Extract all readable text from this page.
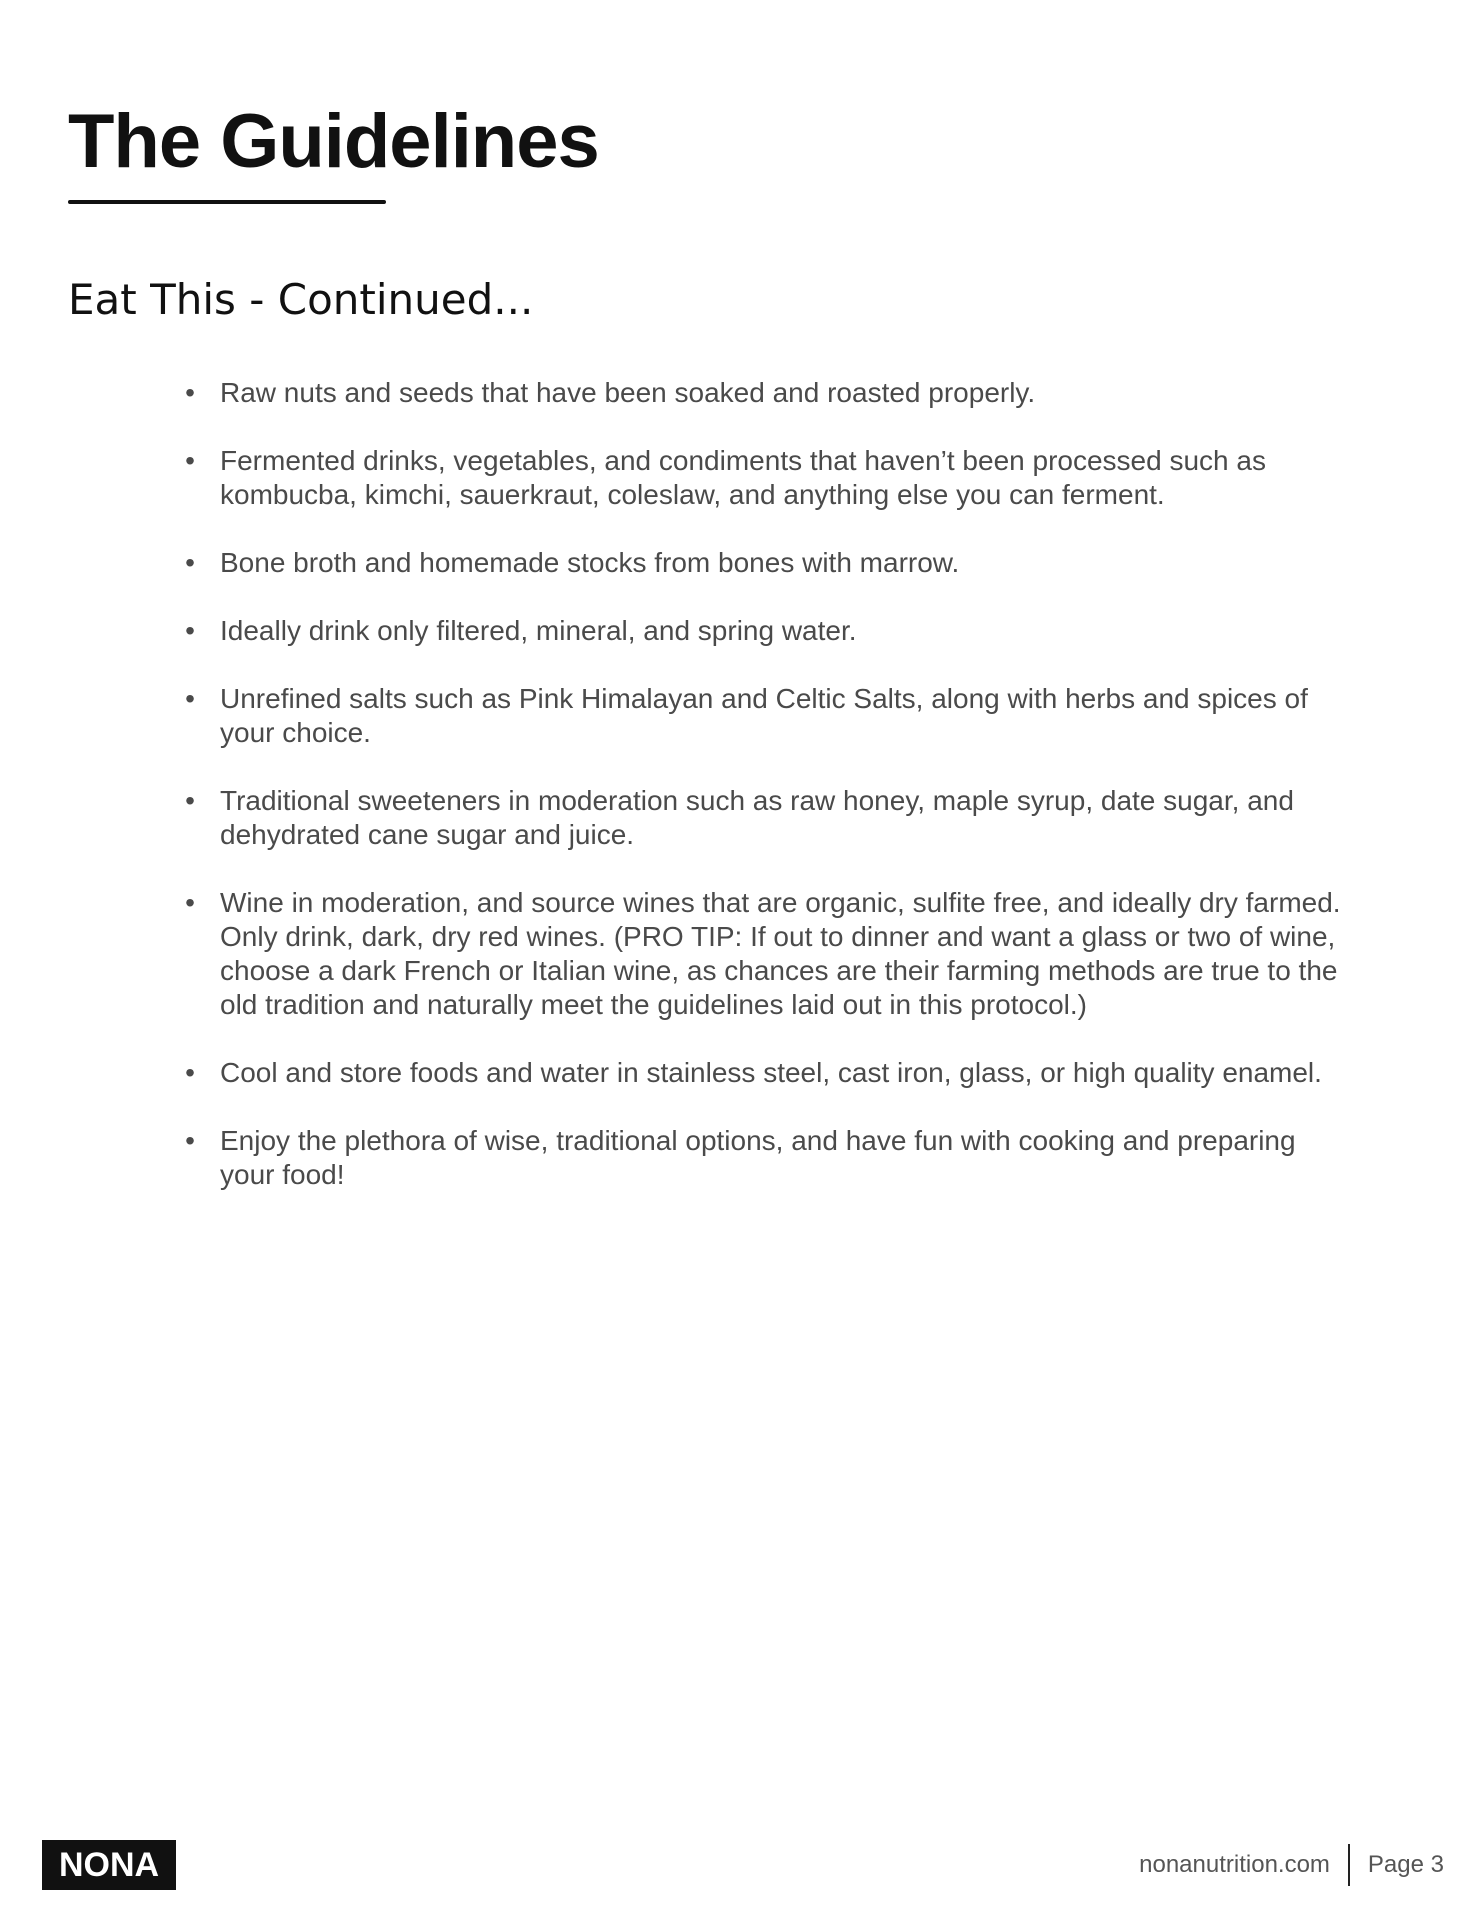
The Guidelines
Eat This - Continued...
• Raw nuts and seeds that have been soaked and roasted properly.
• Fermented drinks, vegetables, and condiments that haven’t been processed such as kombucba, kimchi, sauerkraut, coleslaw, and anything else you can ferment.
• Bone broth and homemade stocks from bones with marrow.
• Ideally drink only filtered, mineral, and spring water.
• Unrefined salts such as Pink Himalayan and Celtic Salts, along with herbs and spices of your choice.
• Traditional sweeteners in moderation such as raw honey, maple syrup, date sugar, and dehydrated cane sugar and juice.
• Wine in moderation, and source wines that are organic, sulfite free, and ideally dry farmed. Only drink, dark, dry red wines. (PRO TIP: If out to dinner and want a glass or two of wine, choose a dark French or Italian wine, as chances are their farming methods are true to the old tradition and naturally meet the guidelines laid out in this protocol.)
• Cool and store foods and water in stainless steel, cast iron, glass, or high quality enamel.
• Enjoy the plethora of wise, traditional options, and have fun with cooking and preparing your food!
NONA	nonanutrition.com Page 3
